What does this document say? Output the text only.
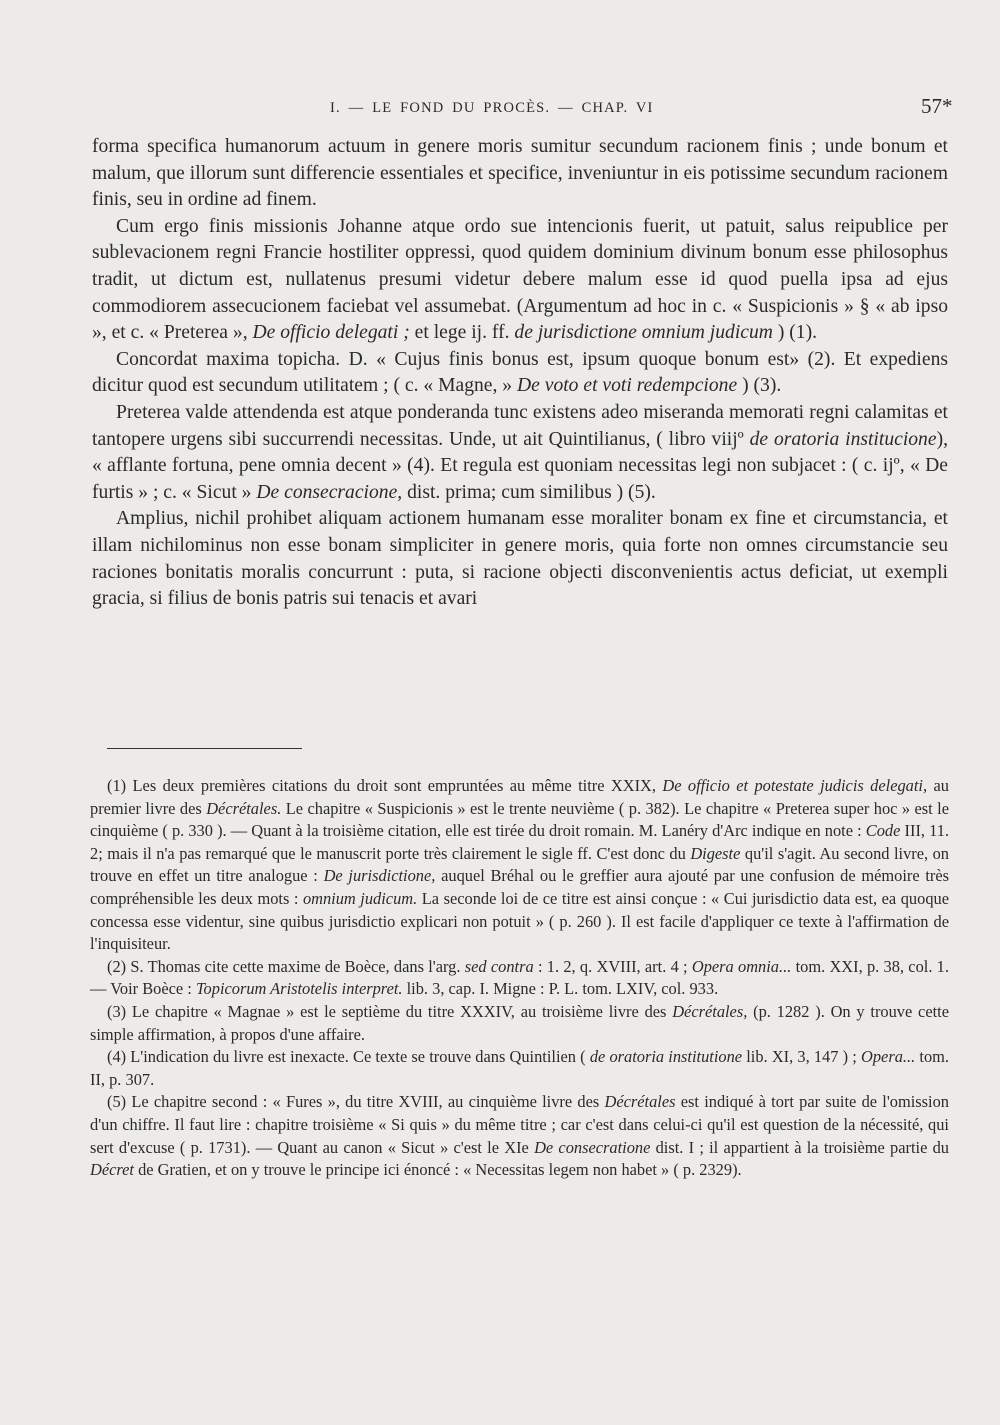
I. — LE FOND DU PROCÈS. — CHAP. VI	57*

forma specifica humanorum actuum in genere moris sumitur secundum racionem finis ; unde bonum et malum, que illorum sunt differencie essentiales et specifice, inveniuntur in eis potissime secundum racionem finis, seu in ordine ad finem.

Cum ergo finis missionis Johanne atque ordo sue intencionis fuerit, ut patuit, salus reipublice per sublevacionem regni Francie hostiliter oppressi, quod quidem dominium divinum bonum esse philosophus tradit, ut dictum est, nullatenus presumi videtur debere malum esse id quod puella ipsa ad ejus commodiorem assecucionem faciebat vel assumebat. (Argumentum ad hoc in c. « Suspicionis » § « ab ipso », et c. « Preterea », De officio delegati ; et lege ij. ff. de jurisdictione omnium judicum ) (1).

Concordat maxima topicha. D. « Cujus finis bonus est, ipsum quoque bonum est» (2). Et expediens dicitur quod est secundum utilitatem ; ( c. « Magne, » De voto et voti redempcione ) (3).

Preterea valde attendenda est atque ponderanda tunc existens adeo miseranda memorati regni calamitas et tantopere urgens sibi succurrendi necessitas. Unde, ut ait Quintilianus, ( libro viijº de oratoria institucione), « afflante fortuna, pene omnia decent » (4). Et regula est quoniam necessitas legi non subjacet : ( c. ijº, « De furtis » ; c. « Sicut » De consecracione, dist. prima; cum similibus ) (5).

Amplius, nichil prohibet aliquam actionem humanam esse moraliter bonam ex fine et circumstancia, et illam nichilominus non esse bonam simpliciter in genere moris, quia forte non omnes circumstancie seu raciones bonitatis moralis concurrunt : puta, si racione objecti disconvenientis actus deficiat, ut exempli gracia, si filius de bonis patris sui tenacis et avari

(1) Les deux premières citations du droit sont empruntées au même titre XXIX, De officio et potestate judicis delegati, au premier livre des Décrétales. Le chapitre « Suspicionis » est le trente neuvième ( p. 382). Le chapitre « Preterea super hoc » est le cinquième ( p. 330 ). — Quant à la troisième citation, elle est tirée du droit romain. M. Lanéry d'Arc indique en note : Code III, 11. 2; mais il n'a pas remarqué que le manuscrit porte très clairement le sigle ff. C'est donc du Digeste qu'il s'agit. Au second livre, on trouve en effet un titre analogue : De jurisdictione, auquel Bréhal ou le greffier aura ajouté par une confusion de mémoire très compréhensible les deux mots : omnium judicum. La seconde loi de ce titre est ainsi conçue : « Cui jurisdictio data est, ea quoque concessa esse videntur, sine quibus jurisdictio explicari non potuit » ( p. 260 ). Il est facile d'appliquer ce texte à l'affirmation de l'inquisiteur.

(2) S. Thomas cite cette maxime de Boèce, dans l'arg. sed contra : 1. 2, q. XVIII, art. 4 ; Opera omnia... tom. XXI, p. 38, col. 1. — Voir Boèce : Topicorum Aristotelis interpret. lib. 3, cap. I. Migne : P. L. tom. LXIV, col. 933.

(3) Le chapitre « Magnae » est le septième du titre XXXIV, au troisième livre des Décrétales, (p. 1282 ). On y trouve cette simple affirmation, à propos d'une affaire.

(4) L'indication du livre est inexacte. Ce texte se trouve dans Quintilien ( de oratoria institutione lib. XI, 3, 147 ) ; Opera... tom. II, p. 307.

(5) Le chapitre second : « Fures », du titre XVIII, au cinquième livre des Décrétales est indiqué à tort par suite de l'omission d'un chiffre. Il faut lire : chapitre troisième « Si quis » du même titre ; car c'est dans celui-ci qu'il est question de la nécessité, qui sert d'excuse ( p. 1731). — Quant au canon « Sicut » c'est le XIe De consecratione dist. I ; il appartient à la troisième partie du Décret de Gratien, et on y trouve le principe ici énoncé : « Necessitas legem non habet » ( p. 2329).
